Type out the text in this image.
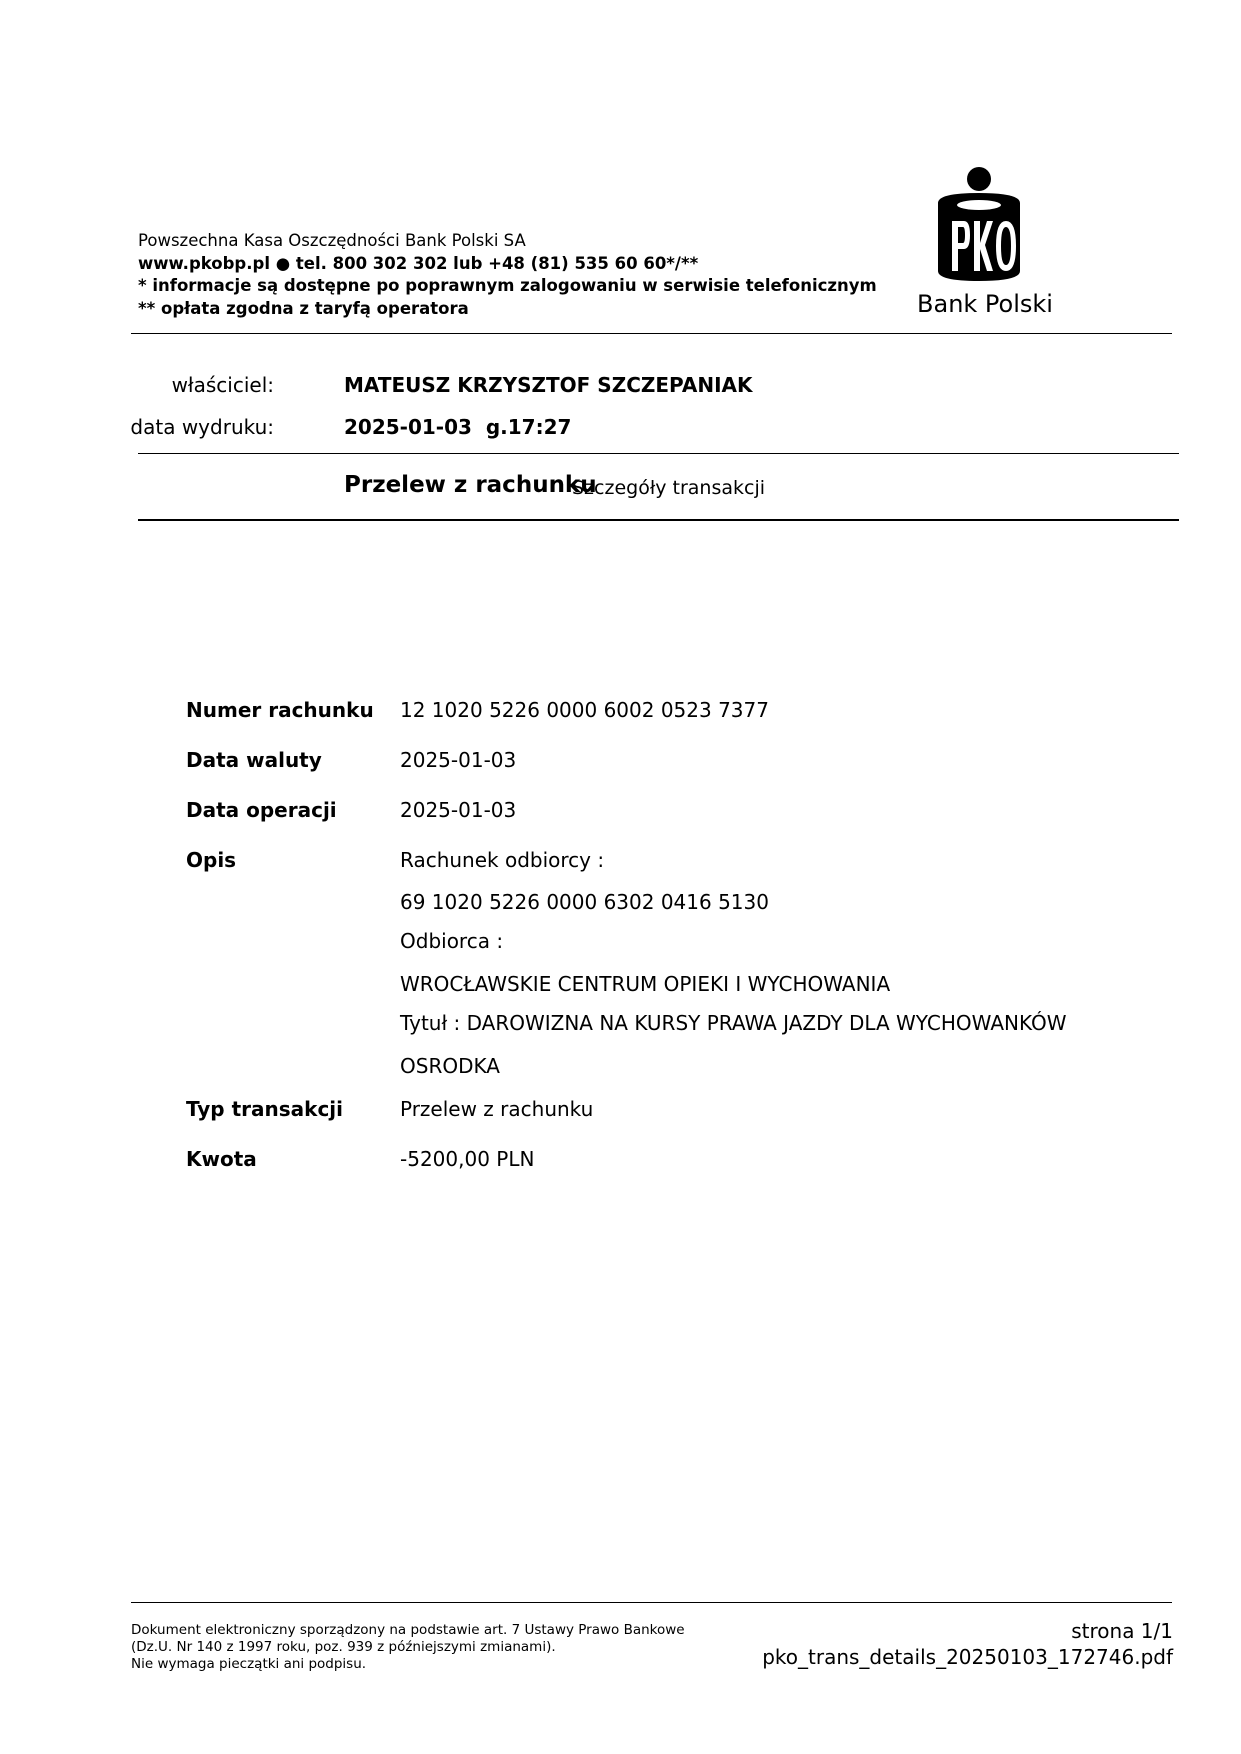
Powszechna Kasa Oszczędności Bank Polski SA
www.pkobp.pl ● tel. 800 302 302 lub +48 (81) 535 60 60*/**
* informacje są dostępne po poprawnym zalogowaniu w serwisie telefonicznym
** opłata zgodna z taryfą operatora	Bank Polski
właściciel:	MATEUSZ KRZYSZTOF SZCZEPANIAK
data wydruku:	2025-01-03  g.17:27
Przelew z rachunku
Szczegóły transakcji
Numer rachunku 12 1020 5226 0000 6002 0523 7377
Data waluty	2025-01-03
Data operacji	2025-01-03
Opis	Rachunek odbiorcy :
69 1020 5226 0000 6302 0416 5130
Odbiorca :
WROCŁAWSKIE CENTRUM OPIEKI I WYCHOWANIA
Tytuł : DAROWIZNA NA KURSY PRAWA JAZDY DLA WYCHOWANKÓW
OSRODKA
Typ transakcji	Przelew z rachunku
Kwota	-5200,00 PLN
Dokument elektroniczny sporządzony na podstawie art. 7 Ustawy Prawo Bankowe
(Dz.U. Nr 140 z 1997 roku, poz. 939 z późniejszymi zmianami).
Nie wymaga pieczątki ani podpisu.
strona 1/1
pko_trans_details_20250103_172746.pdf
